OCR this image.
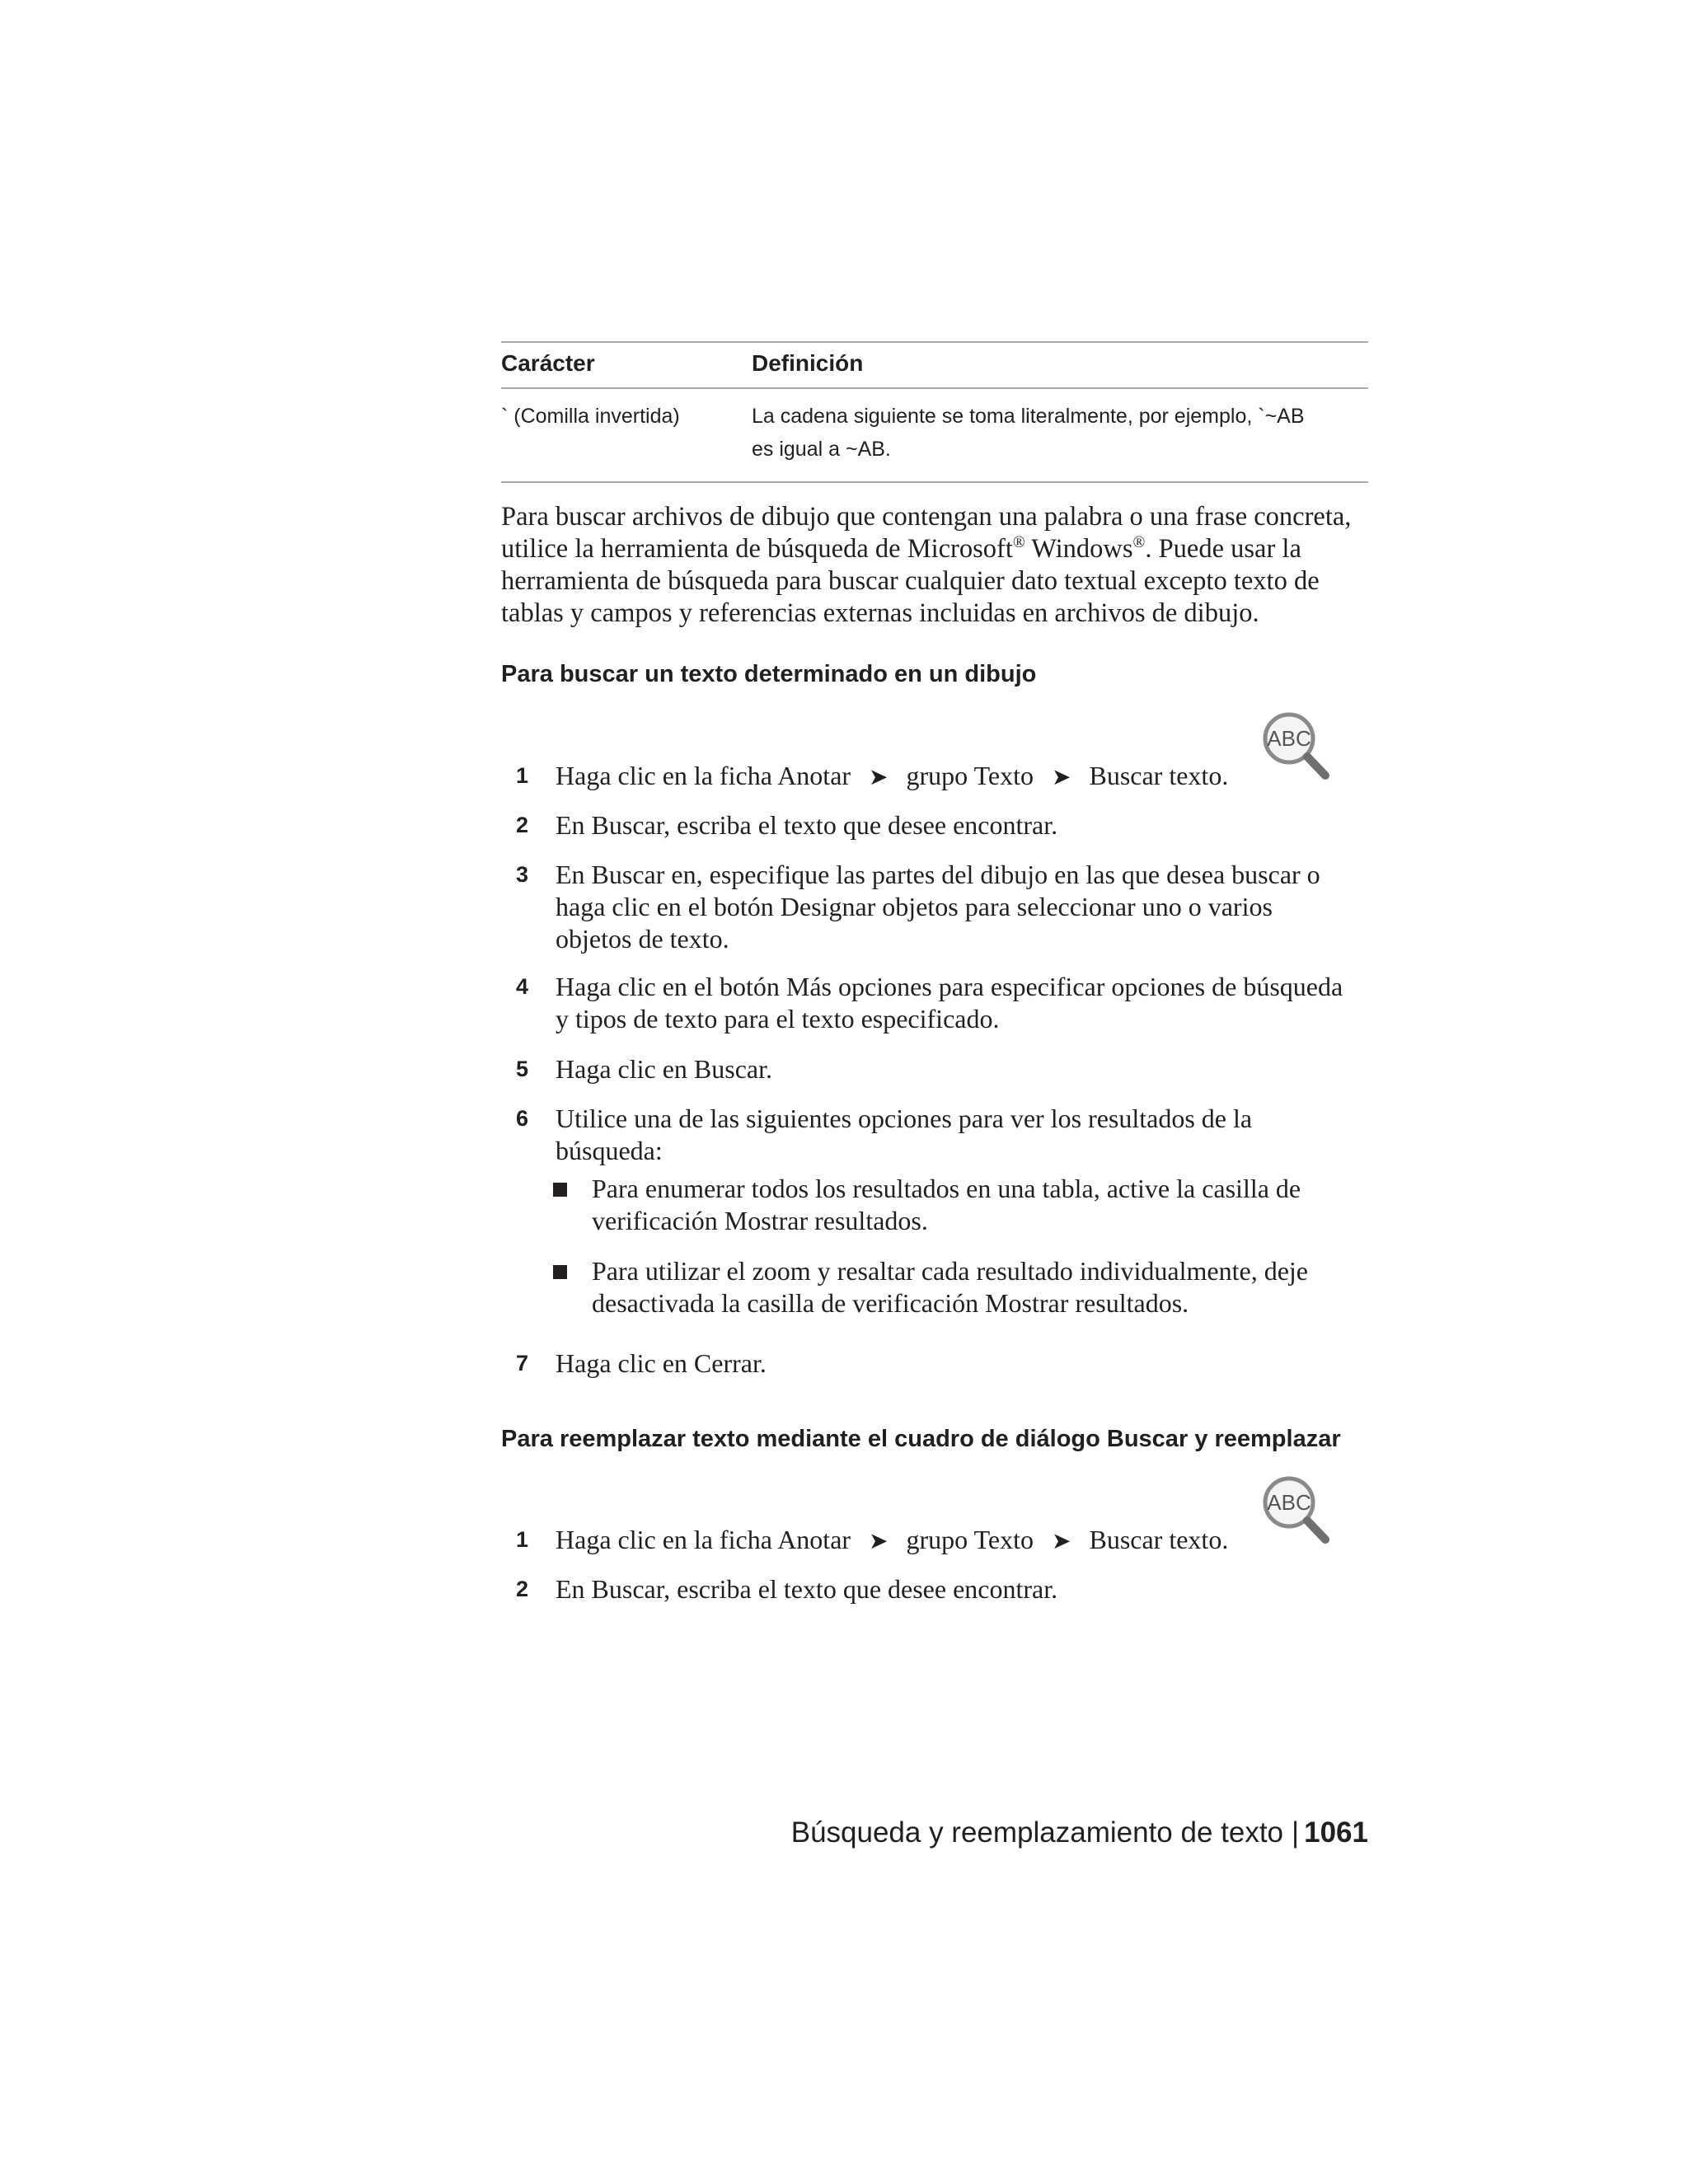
Carácter	Definición
` (Comilla invertida)	La cadena siguiente se toma literalmente, por ejemplo, `~AB
es igual a ~AB.
Para buscar archivos de dibujo que contengan una palabra o una frase concreta,
utilice la herramienta de búsqueda de Microsoft® Windows®. Puede usar la
herramienta de búsqueda para buscar cualquier dato textual excepto texto de
tablas y campos y referencias externas incluidas en archivos de dibujo.
Para buscar un texto determinado en un dibujo
ABC
1 Haga clic en la ficha Anotar ➤ grupo Texto ➤ Buscar texto.
2 En Buscar, escriba el texto que desee encontrar.
3 En Buscar en, especifique las partes del dibujo en las que desea buscar o
haga clic en el botón Designar objetos para seleccionar uno o varios
objetos de texto.
4 Haga clic en el botón Más opciones para especificar opciones de búsqueda
y tipos de texto para el texto especificado.
5 Haga clic en Buscar.
6 Utilice una de las siguientes opciones para ver los resultados de la
búsqueda:
Para enumerar todos los resultados en una tabla, active la casilla de
verificación Mostrar resultados.
Para utilizar el zoom y resaltar cada resultado individualmente, deje
desactivada la casilla de verificación Mostrar resultados.
7 Haga clic en Cerrar.
Para reemplazar texto mediante el cuadro de diálogo Buscar y reemplazar
ABC
1 Haga clic en la ficha Anotar ➤ grupo Texto ➤ Buscar texto.
2 En Buscar, escriba el texto que desee encontrar.
Búsqueda y reemplazamiento de texto | 1061
